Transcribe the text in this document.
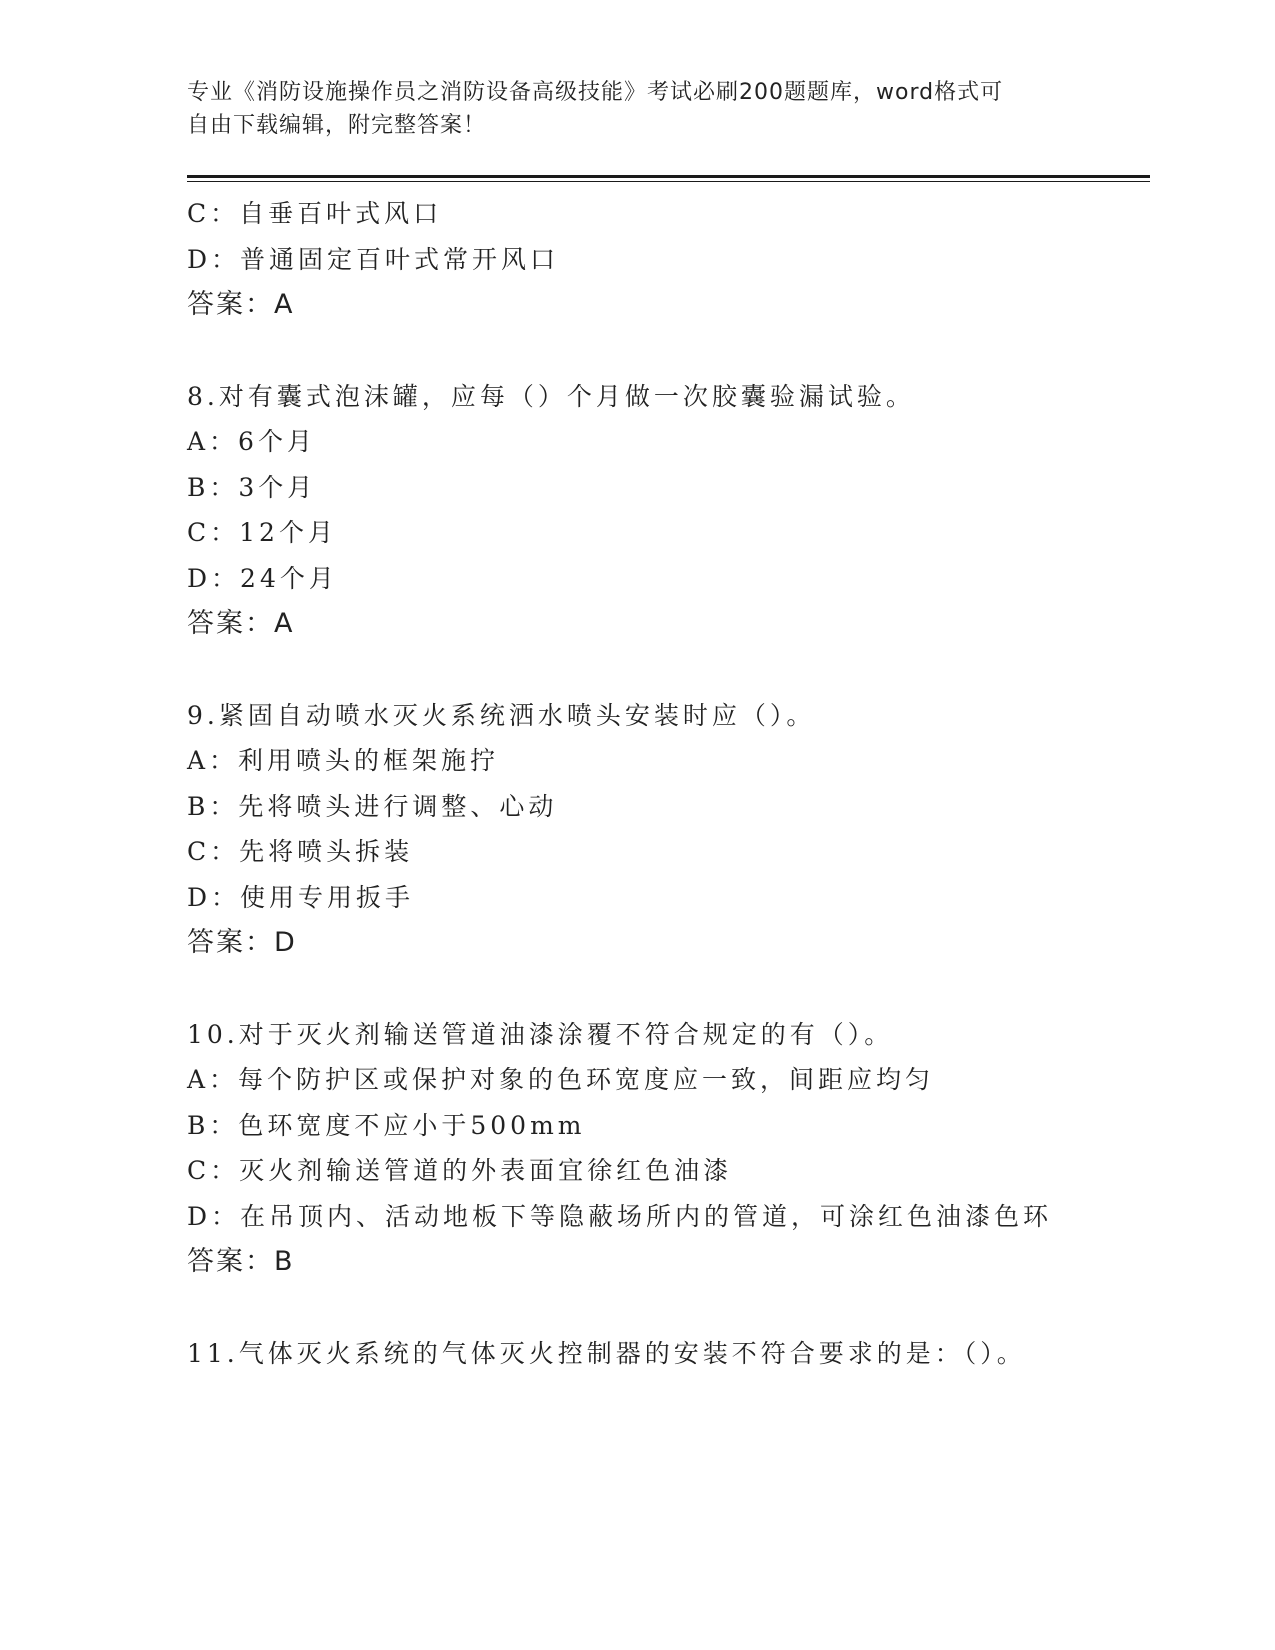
专业《消防设施操作员之消防设备高级技能》考试必刷200题题库，word格式可
自由下载编辑，附完整答案！
C：自垂百叶式风口
D：普通固定百叶式常开风口
答案：A
8.对有囊式泡沫罐，应每（）个月做一次胶囊验漏试验。
A：6个月
B：3个月
C：12个月
D：24个月
答案：A
9.紧固自动喷水灭火系统洒水喷头安装时应（）。
A：利用喷头的框架施拧
B：先将喷头进行调整、心动
C：先将喷头拆装
D：使用专用扳手
答案：D
10.对于灭火剂输送管道油漆涂覆不符合规定的有（）。
A：每个防护区或保护对象的色环宽度应一致，间距应均匀
B：色环宽度不应小于500mm
C：灭火剂输送管道的外表面宜徐红色油漆
D：在吊顶内、活动地板下等隐蔽场所内的管道，可涂红色油漆色环
答案：B
11.气体灭火系统的气体灭火控制器的安装不符合要求的是：（）。
